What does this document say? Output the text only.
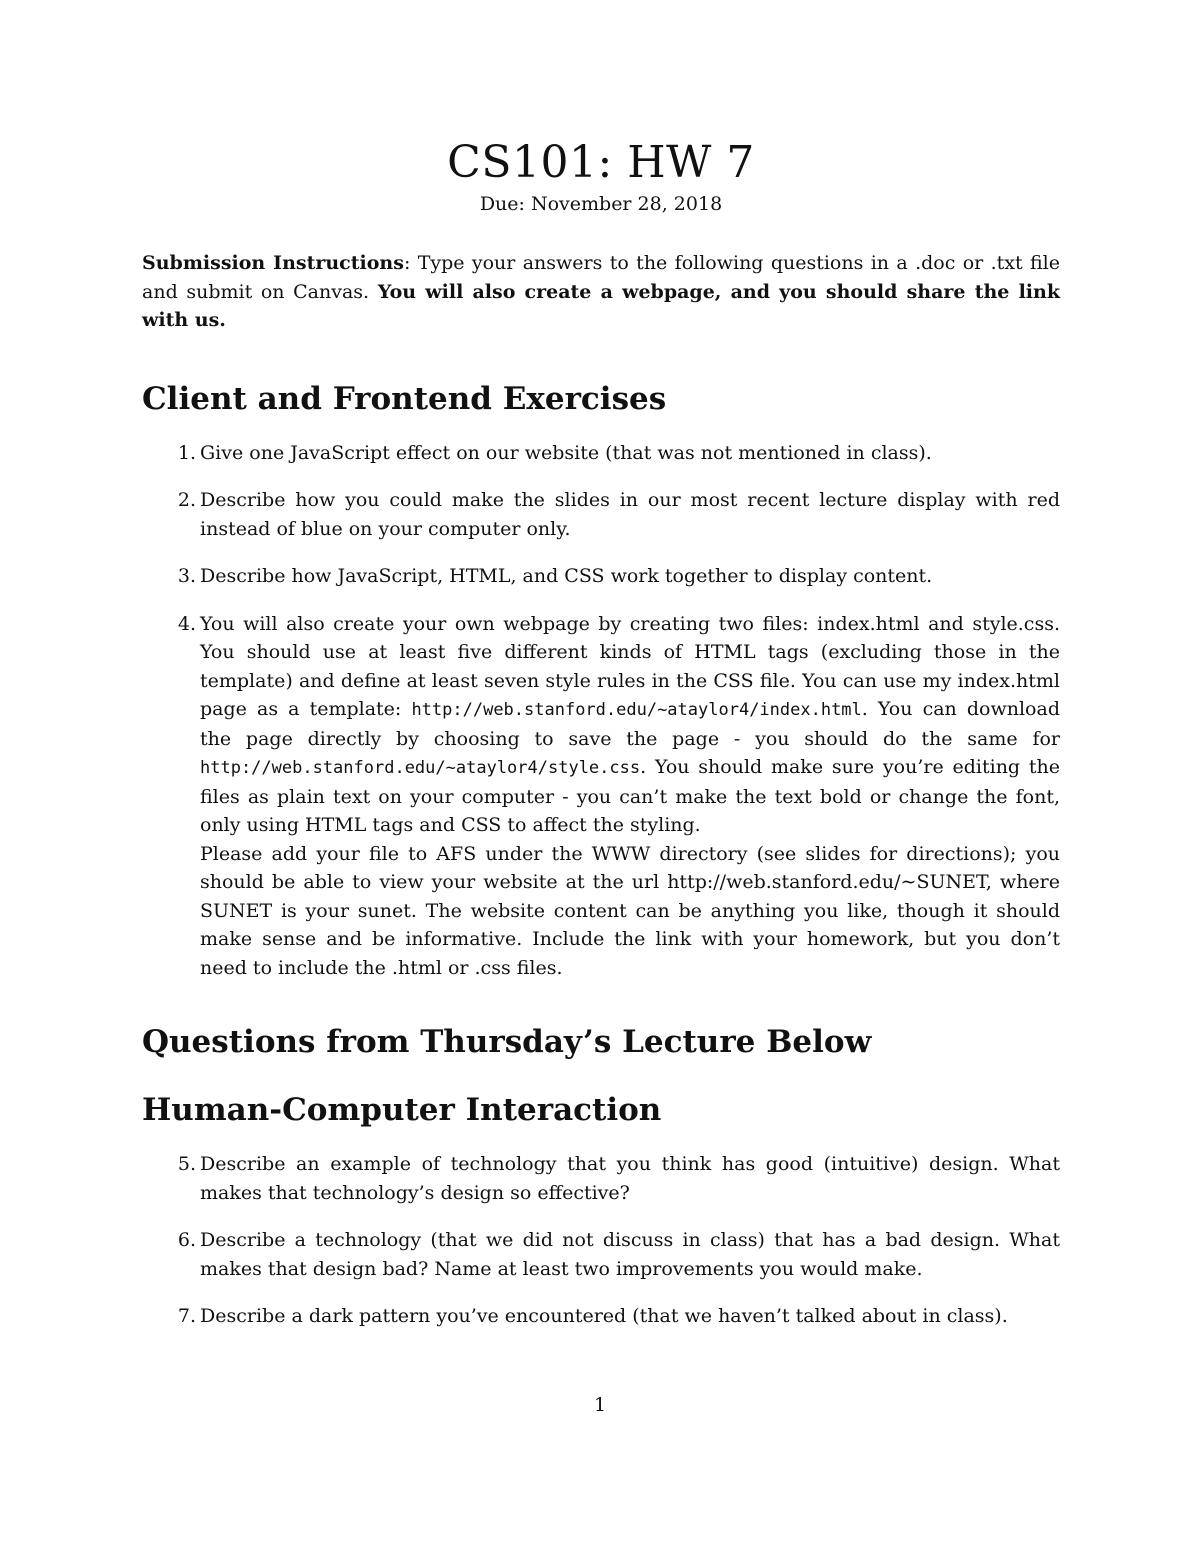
CS101: HW 7

Due: November 28, 2018

Submission Instructions: Type your answers to the following questions in a .doc or .txt file and submit on Canvas. You will also create a webpage, and you should share the link with us.

Client and Frontend Exercises
1. Give one JavaScript effect on our website (that was not mentioned in class).
2. Describe how you could make the slides in our most recent lecture display with red instead of blue on your computer only.
3. Describe how JavaScript, HTML, and CSS work together to display content.
4. You will also create your own webpage by creating two files: index.html and style.css. You should use at least five different kinds of HTML tags (excluding those in the template) and define at least seven style rules in the CSS file. You can use my index.html page as a template: http://web.stanford.edu/~ataylor4/index.html. You can download the page directly by choosing to save the page - you should do the same for http://web.stanford.edu/~ataylor4/style.css. You should make sure you’re editing the files as plain text on your computer - you can’t make the text bold or change the font, only using HTML tags and CSS to affect the styling.
Please add your file to AFS under the WWW directory (see slides for directions); you should be able to view your website at the url http://web.stanford.edu/∼SUNET, where SUNET is your sunet. The website content can be anything you like, though it should make sense and be informative. Include the link with your homework, but you don’t need to include the .html or .css files.
Questions from Thursday’s Lecture Below
Human-Computer Interaction
5. Describe an example of technology that you think has good (intuitive) design. What makes that technology’s design so effective?
6. Describe a technology (that we did not discuss in class) that has a bad design. What makes that design bad? Name at least two improvements you would make.
7. Describe a dark pattern you’ve encountered (that we haven’t talked about in class).
1
